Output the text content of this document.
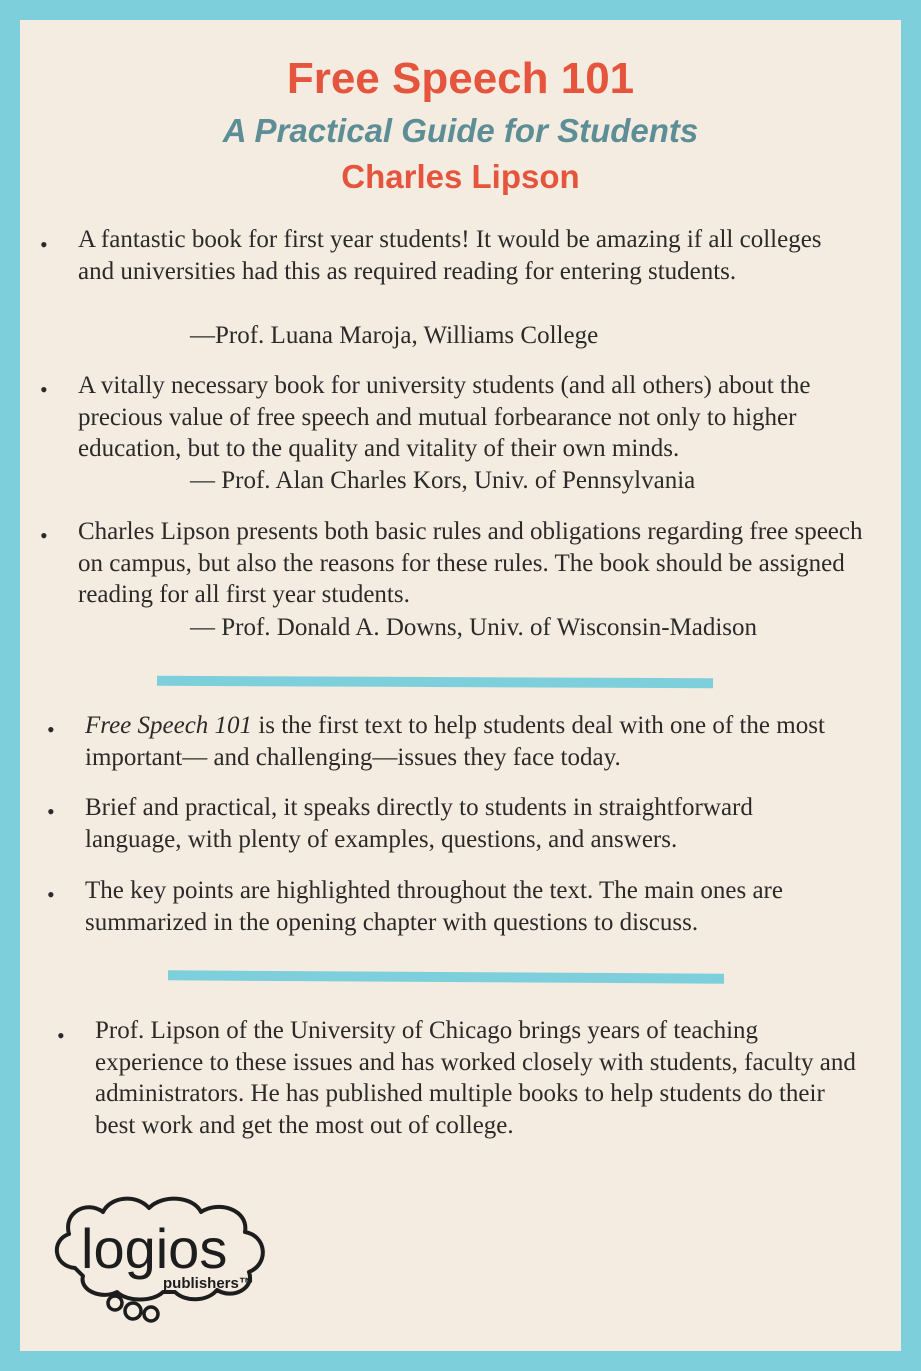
Free Speech 101
A Practical Guide for Students
Charles Lipson
• A fantastic book for first year students! It would be amazing if all colleges and universities had this as required reading for entering students.
—Prof. Luana Maroja, Williams College
• A vitally necessary book for university students (and all others) about the precious value of free speech and mutual forbearance not only to higher education, but to the quality and vitality of their own minds.
— Prof. Alan Charles Kors, Univ. of Pennsylvania
• Charles Lipson presents both basic rules and obligations regarding free speech on campus, but also the reasons for these rules. The book should be assigned reading for all first year students.
— Prof. Donald A. Downs, Univ. of Wisconsin-Madison
• Free Speech 101 is the first text to help students deal with one of the most important— and challenging—issues they face today.
• Brief and practical, it speaks directly to students in straightforward language, with plenty of examples, questions, and answers.
• The key points are highlighted throughout the text. The main ones are summarized in the opening chapter with questions to discuss.
• Prof. Lipson of the University of Chicago brings years of teaching experience to these issues and has worked closely with students, faculty and administrators. He has published multiple books to help students do their best work and get the most out of college.
logios
publishers™
